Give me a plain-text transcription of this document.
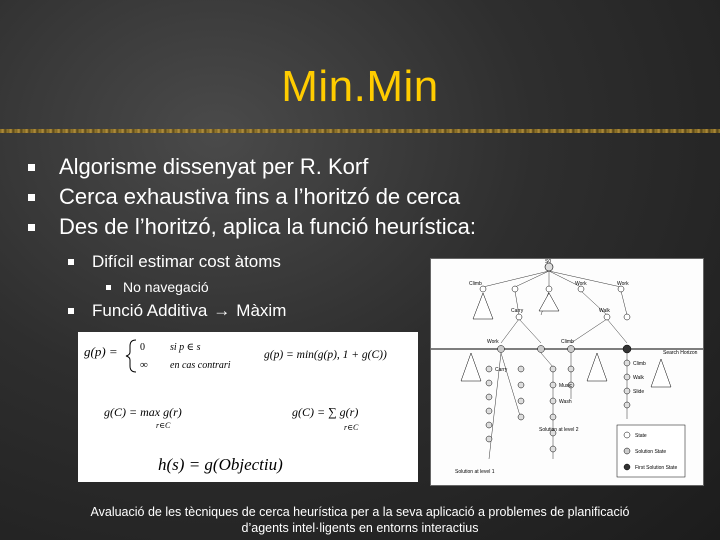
Min.Min
Algorisme dissenyat per R. Korf
Cerca exhaustiva fins a l’horitzó de cerca
Des de l’horitzó, aplica la funció heurística:
Difícil estimar cost àtoms
No navegació
Funció Additiva → Màxim
g(p) = 0	si p ∈ s
∞ en cas contrari
g(p) = min(g(p), 1 + g(C))
g(C) = max g(r)
r∈C
g(C) = ∑ g(r)
r∈C
h(s) = g(Objectiu)
Search Horizon
S0
Climb	Work	Work
Carry	Walk
Work	Climb
Carry
Music
Wash
Climb
Walk
Slide
Solution at level 2
Solution at level 1
State
Solution State
First Solution State
Avaluació de les tècniques de cerca heurística per a la seva aplicació a problemes de planificació
d’agents intel·ligents en entorns interactius
